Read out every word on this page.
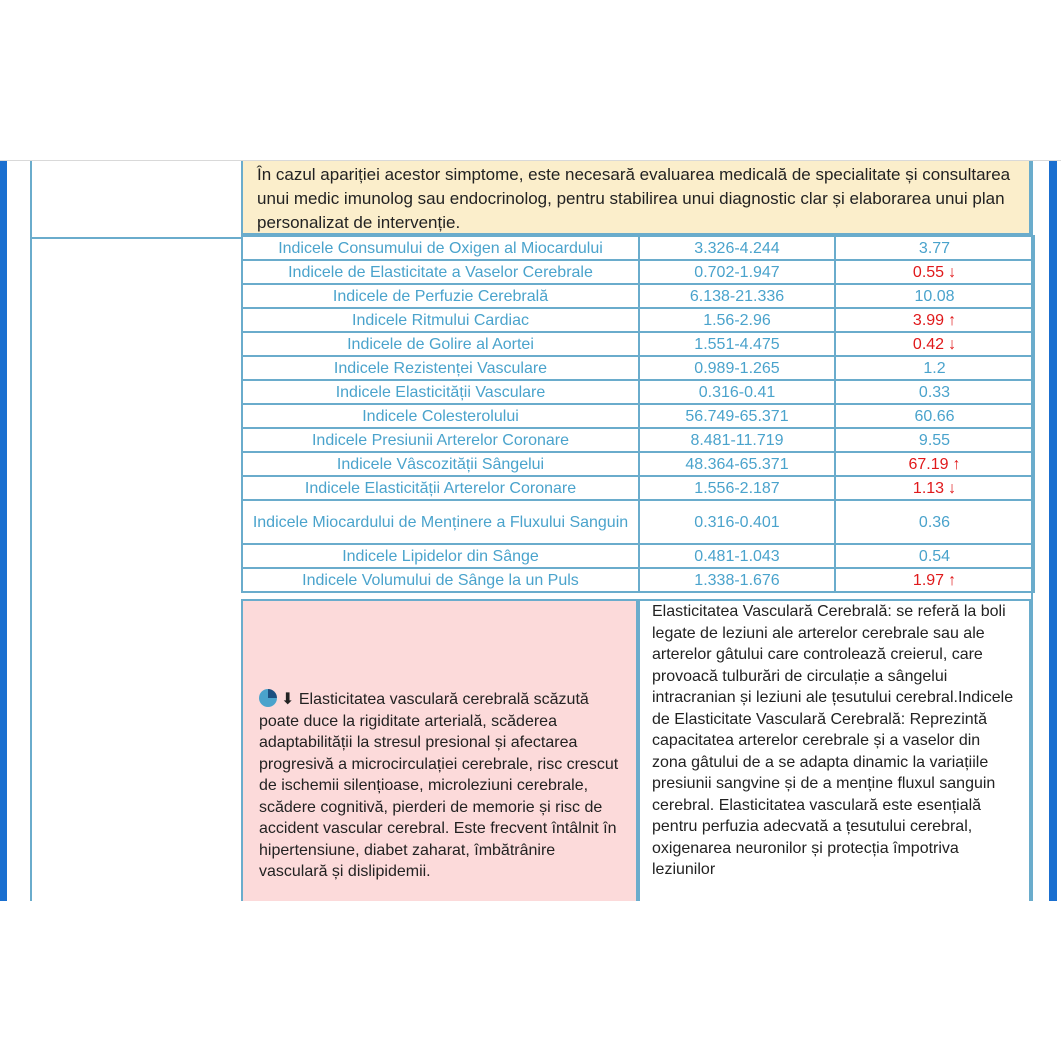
În cazul apariției acestor simptome, este necesară evaluarea medicală de specialitate și consultarea unui medic imunolog sau endocrinolog, pentru stabilirea unui diagnostic clar și elaborarea unui plan personalizat de intervenție.
Indicele Consumului de Oxigen al Miocardului	3.326-4.244	3.77
Indicele de Elasticitate a Vaselor Cerebrale	0.702-1.947	0.55 ↓
Indicele de Perfuzie Cerebrală	6.138-21.336	10.08
Indicele Ritmului Cardiac	1.56-2.96	3.99 ↑
Indicele de Golire al Aortei	1.551-4.475	0.42 ↓
Indicele Rezistenței Vasculare	0.989-1.265	1.2
Indicele Elasticității Vasculare	0.316-0.41	0.33
Indicele Colesterolului	56.749-65.371	60.66
Indicele Presiunii Arterelor Coronare	8.481-11.719	9.55
Indicele Vâscozității Sângelui	48.364-65.371	67.19 ↑
Indicele Elasticității Arterelor Coronare	1.556-2.187	1.13 ↓
Indicele Miocardului de Menținere a Fluxului Sanguin	0.316-0.401	0.36
Indicele Lipidelor din Sânge	0.481-1.043	0.54
Indicele Volumului de Sânge la un Puls	1.338-1.676	1.97 ↑
⬇ Elasticitatea vasculară cerebrală scăzută poate duce la rigiditate arterială, scăderea adaptabilității la stresul presional și afectarea progresivă a microcirculației cerebrale, risc crescut de ischemii silențioase, microleziuni cerebrale, scădere cognitivă, pierderi de memorie și risc de accident vascular cerebral. Este frecvent întâlnit în hipertensiune, diabet zaharat, îmbătrânire vasculară și dislipidemii.
Elasticitatea Vasculară Cerebrală: se referă la boli legate de leziuni ale arterelor cerebrale sau ale arterelor gâtului care controlează creierul, care provoacă tulburări de circulație a sângelui intracranian și leziuni ale țesutului cerebral.Indicele de Elasticitate Vasculară Cerebrală: Reprezintă capacitatea arterelor cerebrale și a vaselor din zona gâtului de a se adapta dinamic la variațiile presiunii sangvine și de a menține fluxul sanguin cerebral. Elasticitatea vasculară este esențială pentru perfuzia adecvată a țesutului cerebral, oxigenarea neuronilor și protecția împotriva leziunilor
